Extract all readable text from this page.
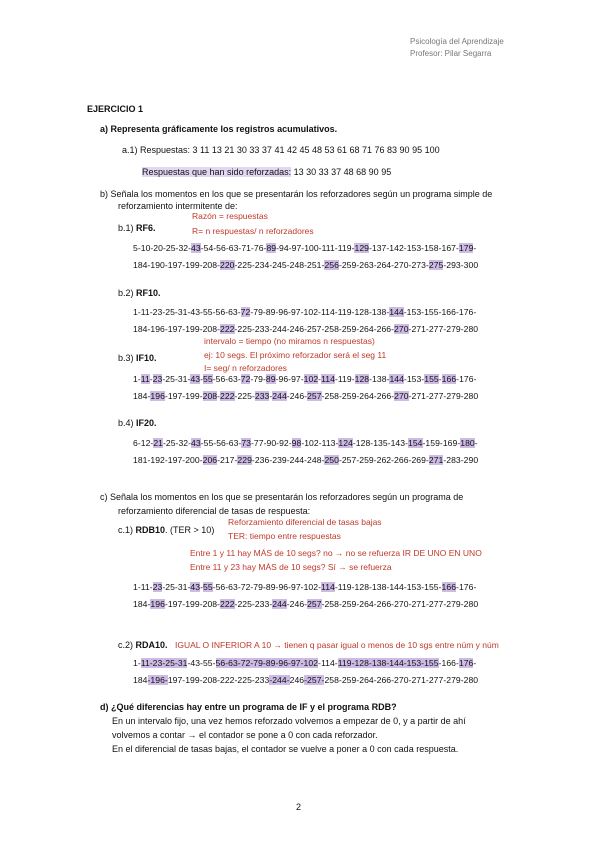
Psicología del Aprendizaje
Profesor: Pilar Segarra
EJERCICIO 1
a) Representa gráficamente los registros acumulativos.
a.1) Respuestas: 3 11 13 21 30 33 37 41 42 45 48 53 61 68 71 76 83 90 95 100
Respuestas que han sido reforzadas: 13 30 33 37 48 68 90 95
b) Señala los momentos en los que se presentarán los reforzadores según un programa simple de
reforzamiento intermitente de:
Razón = respuestas
b.1) RF6.	R= n respuestas/ n reforzadores
5-10-20-25-32-43-54-56-63-71-76-89-94-97-100-111-119-129-137-142-153-158-167-179-
184-190-197-199-208-220-225-234-245-248-251-256-259-263-264-270-273-275-293-300
b.2) RF10.
1-11-23-25-31-43-55-56-63-72-79-89-96-97-102-114-119-128-138-144-153-155-166-176-
184-196-197-199-208-222-225-233-244-246-257-258-259-264-266-270-271-277-279-280
intervalo = tiempo (no miramos n respuestas)
ej: 10 segs. El próximo reforzador será el seg 11
b.3) IF10.
I= seg/ n reforzadores
1-11-23-25-31-43-55-56-63-72-79-89-96-97-102-114-119-128-138-144-153-155-166-176-
184-196-197-199-208-222-225-233-244-246-257-258-259-264-266-270-271-277-279-280
b.4) IF20.
6-12-21-25-32-43-55-56-63-73-77-90-92-98-102-113-124-128-135-143-154-159-169-180-
181-192-197-200-206-217-229-236-239-244-248-250-257-259-262-266-269-271-283-290
c) Señala los momentos en los que se presentarán los reforzadores según un programa de
reforzamiento diferencial de tasas de respuesta:
Reforzamiento diferencial de tasas bajas
c.1) RDB10. (TER > 10)
TER: tiempo entre respuestas
Entre 1 y 11 hay MÁS de 10 segs? no → no se refuerza IR DE UNO EN UNO
Entre 11 y 23 hay MÁS de 10 segs? Sí → se refuerza
1-11-23-25-31-43-55-56-63-72-79-89-96-97-102-114-119-128-138-144-153-155-166-176-
184-196-197-199-208-222-225-233-244-246-257-258-259-264-266-270-271-277-279-280
c.2) RDA10. IGUAL O INFERIOR A 10 → tienen q pasar igual o menos de 10 sgs entre núm y núm
1-11-23-25-31-43-55-56-63-72-79-89-96-97-102-114-119-128-138-144-153-155-166-176-
184-196-197-199-208-222-225-233-244-246-257-258-259-264-266-270-271-277-279-280
d) ¿Qué diferencias hay entre un programa de IF y el programa RDB?
En un intervalo fijo, una vez hemos reforzado volvemos a empezar de 0, y a partir de ahí
volvemos a contar → el contador se pone a 0 con cada reforzador.
En el diferencial de tasas bajas, el contador se vuelve a poner a 0 con cada respuesta.
2
